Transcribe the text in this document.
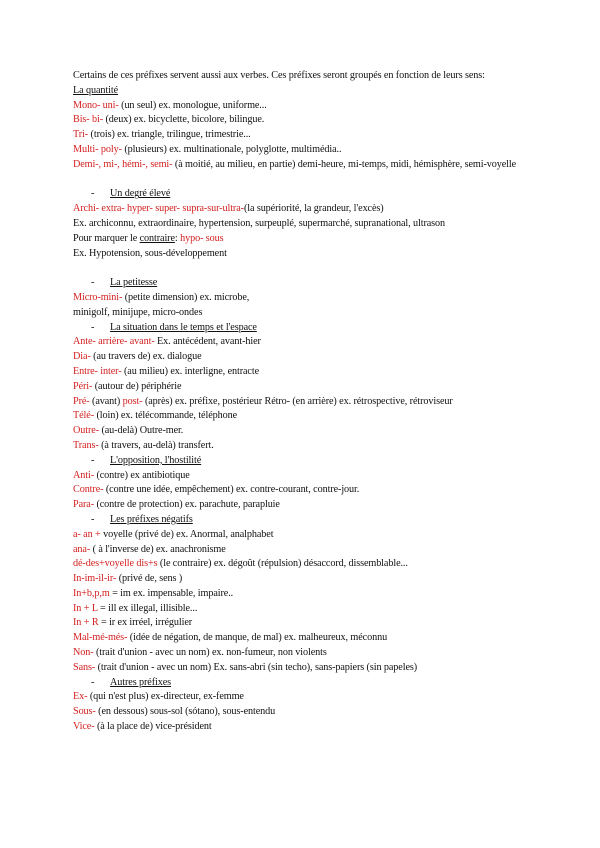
Certains de ces préfixes servent aussi aux verbes. Ces préfixes seront groupés en fonction de leurs sens:
La quantité
Mono- uni- (un seul) ex. monologue, uniforme...
Bis- bi- (deux) ex. bicyclette, bicolore, bilingue.
Tri- (trois) ex. triangle, trilingue, trimestrie...
Multi- poly- (plusieurs) ex. multinationale, polyglotte, multimédia..
Demi-, mi-, hémi-, semi- (à moitié, au milieu, en partie) demi-heure, mi-temps, midi, hémisphère, semi-voyelle
- Un degré élevé
Archi- extra- hyper- super- supra-sur-ultra-(la supériorité, la grandeur, l'excès)
Ex. archiconnu, extraordinaire, hypertension, surpeuplé, supermarché, supranational, ultrason
Pour marquer le contraire: hypo- sous
Ex. Hypotension, sous-développement
- La petitesse
Micro-mini- (petite dimension) ex. microbe,
minigolf, minijupe, micro-ondes
- La situation dans le temps et l'espace
Ante- arrière- avant- Ex. antécédent, avant-hier
Dia- (au travers de) ex. dialogue
Entre- inter- (au milieu) ex. interligne, entracte
Péri- (autour de) périphérie
Pré- (avant) post- (après) ex. préfixe, postérieur Rétro- (en arrière) ex. rétrospective, rétroviseur
Télé- (loin) ex. télécommande, téléphone
Outre- (au-delà) Outre-mer.
Trans- (à travers, au-delà) transfert.
- L'opposition, l'hostilité
Anti- (contre) ex antibiotique
Contre- (contre une idée, empêchement) ex. contre-courant, contre-jour.
Para- (contre de protection) ex. parachute, parapluie
- Les préfixes négatifs
a- an + voyelle (privé de) ex. Anormal, analphabet
ana- ( à l'inverse de) ex. anachronisme
dé-des+voyelle dis+s (le contraire) ex. dégoût (répulsion) désaccord, dissemblable...
In-im-il-ir- (privé de, sens )
In+b,p,m = im ex. impensable, impaire..
In + L = ill ex illegal, illisible...
In + R = ir ex irréel, irrégulier
Mal-mé-més- (idée de négation, de manque, de mal) ex. malheureux, méconnu
Non- (trait d'union - avec un nom) ex. non-fumeur, non violents
Sans- (trait d'union - avec un nom) Ex. sans-abri (sin techo), sans-papiers (sin papeles)
- Autres préfixes
Ex- (qui n'est plus) ex-directeur, ex-femme
Sous- (en dessous) sous-sol (sótano), sous-entendu
Vice- (à la place de) vice-président
